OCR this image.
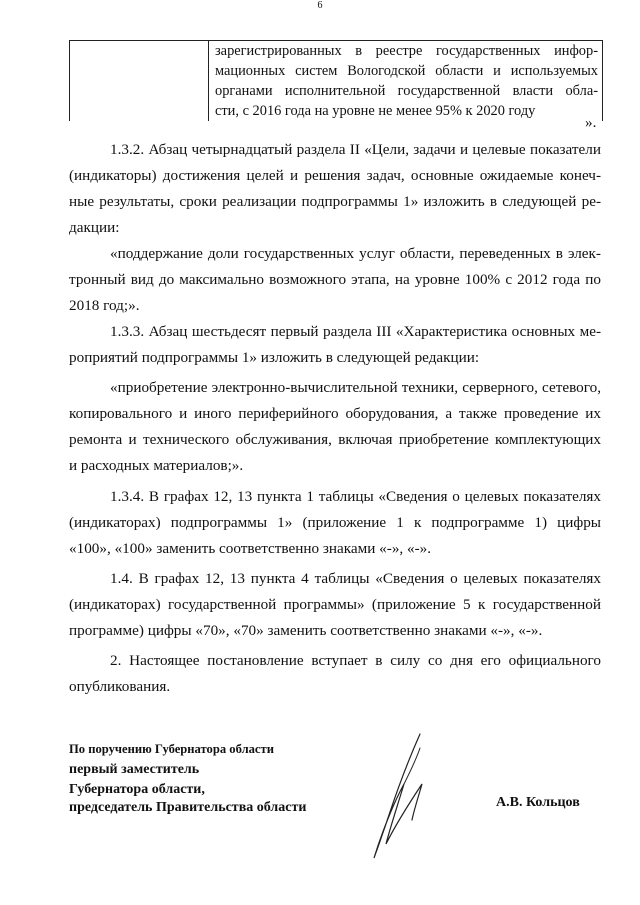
6
зарегистрированных в реестре государственных инфор-
мационных систем Вологодской области и используемых
органами исполнительной государственной власти обла-
сти, с 2016 года на уровне не менее 95% к 2020 году
».
1.3.2. Абзац четырнадцатый раздела II «Цели, задачи и целевые показатели
(индикаторы) достижения целей и решения задач, основные ожидаемые конеч-
ные результаты, сроки реализации подпрограммы 1» изложить в следующей ре-
дакции:
«поддержание доли государственных услуг области, переведенных в элек-
тронный вид до максимально возможного этапа, на уровне 100% с 2012 года по
2018 год;».
1.3.3. Абзац шестьдесят первый раздела III «Характеристика основных ме-
роприятий подпрограммы 1» изложить в следующей редакции:
«приобретение электронно-вычислительной техники, серверного, сетевого,
копировального и иного периферийного оборудования, а также проведение их
ремонта и технического обслуживания, включая приобретение комплектующих
и расходных материалов;».
1.3.4. В графах 12, 13 пункта 1 таблицы «Сведения о целевых показателях
(индикаторах) подпрограммы 1» (приложение 1 к подпрограмме 1) цифры
«100», «100» заменить соответственно знаками «-», «-».
1.4. В графах 12, 13 пункта 4 таблицы «Сведения о целевых показателях
(индикаторах) государственной программы» (приложение 5 к государственной
программе) цифры «70», «70» заменить соответственно знаками «-», «-».
2. Настоящее постановление вступает в силу со дня его официального
опубликования.
По поручению Губернатора области
первый заместитель
Губернатора области,
председатель Правительства области	А.В. Кольцов
